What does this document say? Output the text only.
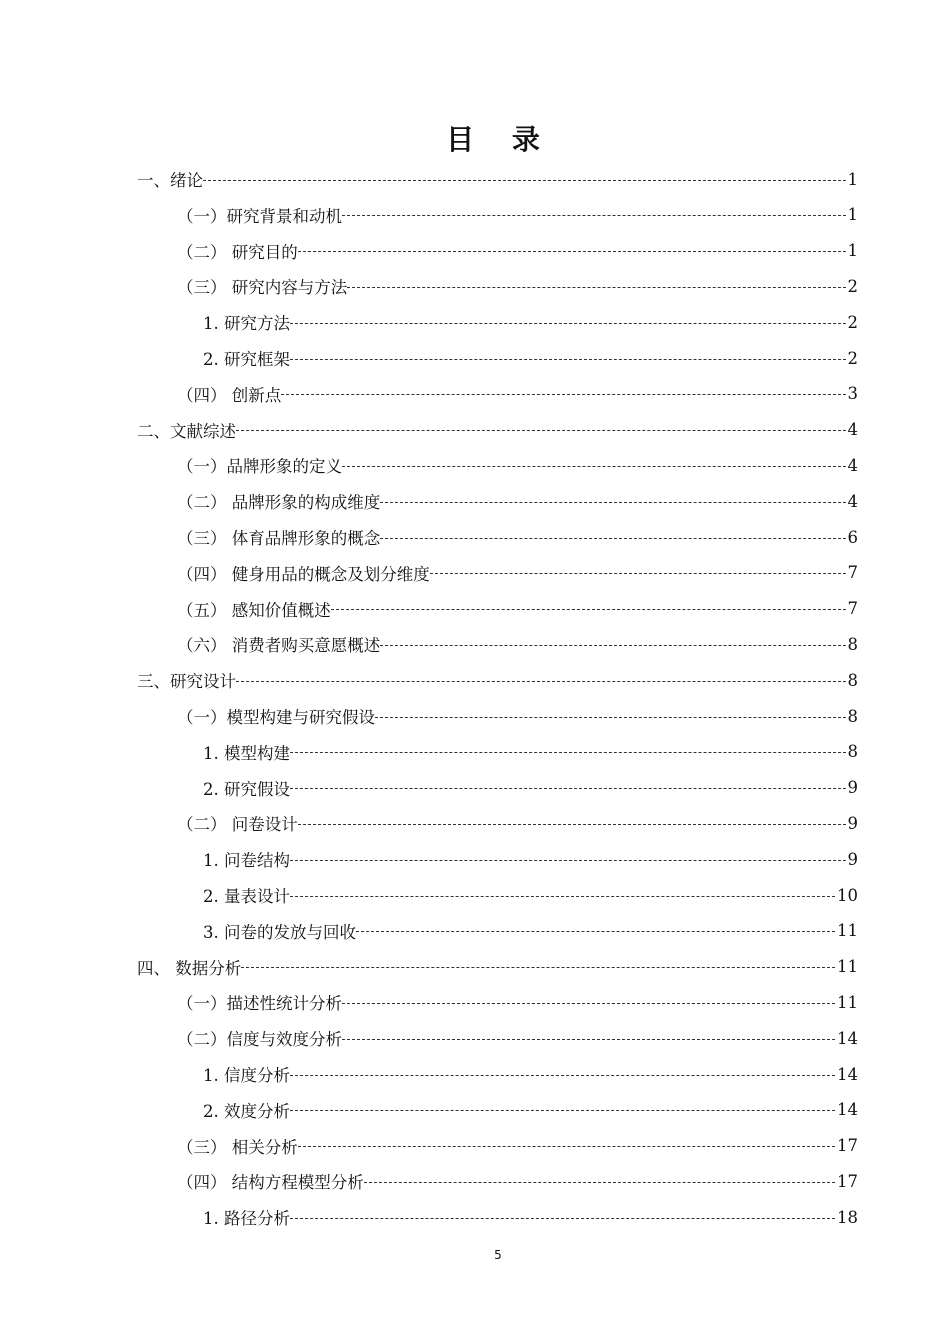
目 录
一、绪论	1
（一）研究背景和动机	1
（二） 研究目的	1
（三） 研究内容与方法	2
1. 研究方法	2
2. 研究框架	2
（四） 创新点	3
二、文献综述	4
（一）品牌形象的定义	4
（二） 品牌形象的构成维度	4
（三） 体育品牌形象的概念	6
（四） 健身用品的概念及划分维度	7
（五） 感知价值概述	7
（六） 消费者购买意愿概述	8
三、研究设计	8
（一）模型构建与研究假设	8
1. 模型构建	8
2. 研究假设	9
（二） 问卷设计	9
1. 问卷结构	9
2. 量表设计	10
3. 问卷的发放与回收	11
四、 数据分析	11
（一）描述性统计分析	11
（二）信度与效度分析	14
1. 信度分析	14
2. 效度分析	14
（三） 相关分析	17
（四） 结构方程模型分析	17
1. 路径分析	18
5
